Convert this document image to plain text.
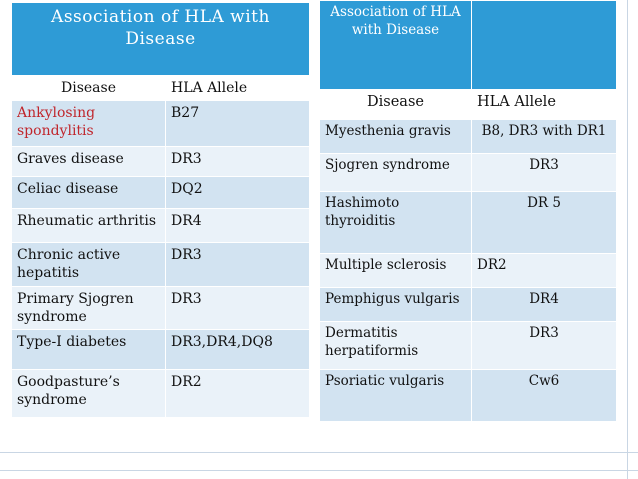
Association of HLA with Disease	
Disease	HLA Allele
Ankylosing spondylitis	B27
Graves disease	DR3
Celiac disease	DQ2
Rheumatic arthritis	DR4
Chronic active hepatitis	DR3
Primary Sjogren syndrome	DR3
Type-I diabetes	DR3,DR4,DQ8
Goodpasture’s syndrome	DR2
Association of HLA with Disease	
Disease	HLA Allele
Myesthenia gravis	B8, DR3 with DR1
Sjogren syndrome	DR3
Hashimoto thyroiditis	DR 5
Multiple sclerosis	DR2
Pemphigus vulgaris	DR4
Dermatitis herpatiformis	DR3
Psoriatic vulgaris	Cw6
